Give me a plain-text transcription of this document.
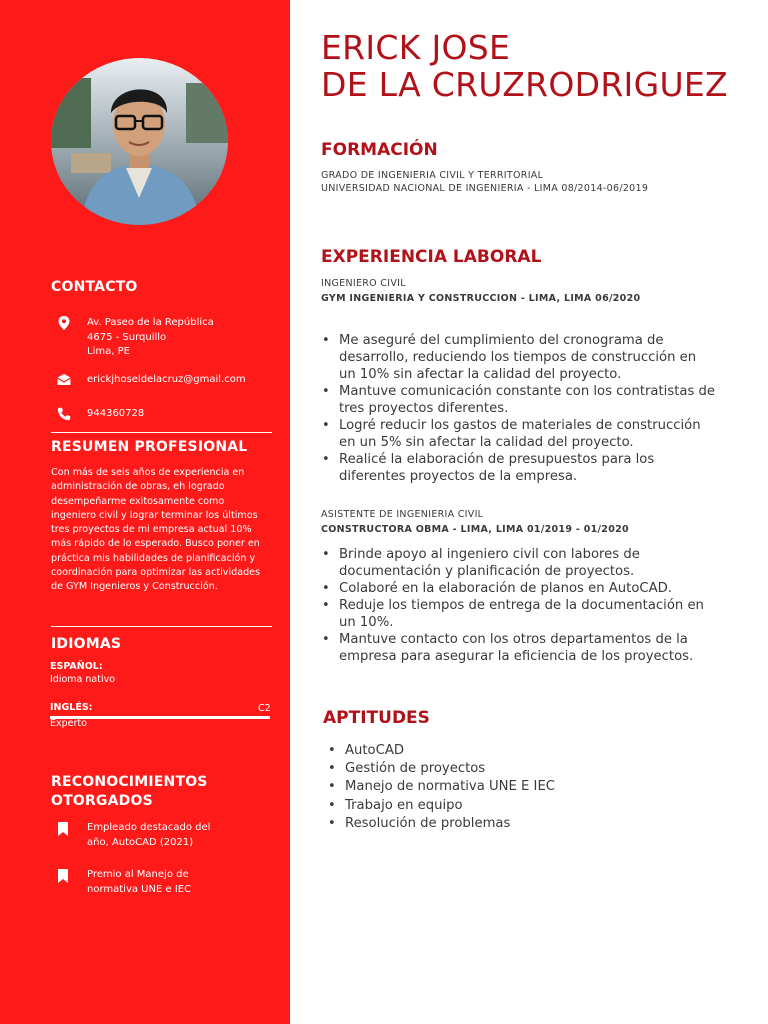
CONTACTO
Av. Paseo de la República
4675 - Surquillo
Lima, PE
erickjhoseldelacruz@gmail.com
944360728
RESUMEN PROFESIONAL
Con más de seis años de experiencia en administración de obras, eh logrado desempeñarme exitosamente como ingeniero civil y lograr terminar los últimos tres proyectos de mi empresa actual 10% más rápido de lo esperado. Busco poner en práctica mis habilidades de planificación y coordinación para optimizar las actividades de GYM Ingenieros y Construcción.
IDIOMAS
ESPAÑOL:
Idioma nativo
INGLÉS:	C2
Experto
RECONOCIMIENTOS
OTORGADOS
Empleado destacado del
año, AutoCAD (2021)
Premio al Manejo de
normativa UNE e IEC
ERICK JOSE
DE LA CRUZRODRIGUEZ
FORMACIÓN
GRADO DE INGENIERIA CIVIL Y TERRITORIAL
UNIVERSIDAD NACIONAL DE INGENIERIA - LIMA 08/2014-06/2019
EXPERIENCIA LABORAL
INGENIERO CIVIL
GYM INGENIERIA Y CONSTRUCCION - LIMA, LIMA 06/2020
• Me aseguré del cumplimiento del cronograma de desarrollo, reduciendo los tiempos de construcción en un 10% sin afectar la calidad del proyecto.
• Mantuve comunicación constante con los contratistas de tres proyectos diferentes.
• Logré reducir los gastos de materiales de construcción en un 5% sin afectar la calidad del proyecto.
• Realicé la elaboración de presupuestos para los diferentes proyectos de la empresa.
ASISTENTE DE INGENIERIA CIVIL
CONSTRUCTORA OBMA - LIMA, LIMA 01/2019 - 01/2020
• Brinde apoyo al ingeniero civil con labores de documentación y planificación de proyectos.
• Colaboré en la elaboración de planos en AutoCAD.
• Reduje los tiempos de entrega de la documentación en un 10%.
• Mantuve contacto con los otros departamentos de la empresa para asegurar la eficiencia de los proyectos.
APTITUDES
• AutoCAD
• Gestión de proyectos
• Manejo de normativa UNE E IEC
• Trabajo en equipo
• Resolución de problemas
